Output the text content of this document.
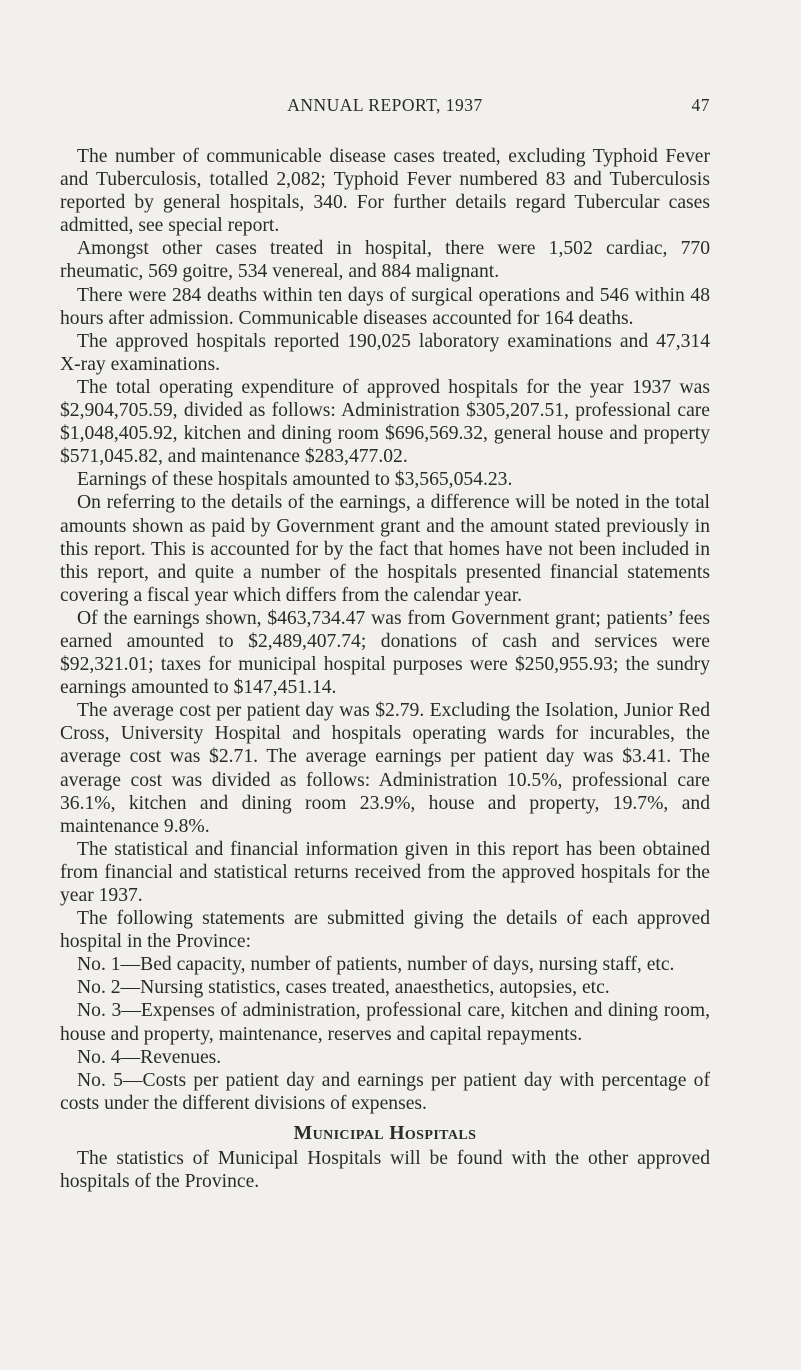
ANNUAL REPORT, 1937	47

The number of communicable disease cases treated, excluding Typhoid Fever and Tuberculosis, totalled 2,082; Typhoid Fever numbered 83 and Tuberculosis reported by general hospitals, 340. For further details regard Tubercular cases admitted, see special report.

Amongst other cases treated in hospital, there were 1,502 cardiac, 770 rheumatic, 569 goitre, 534 venereal, and 884 malignant.

There were 284 deaths within ten days of surgical operations and 546 within 48 hours after admission. Communicable diseases accounted for 164 deaths.

The approved hospitals reported 190,025 laboratory examinations and 47,314 X-ray examinations.

The total operating expenditure of approved hospitals for the year 1937 was $2,904,705.59, divided as follows: Administration $305,207.51, professional care $1,048,405.92, kitchen and dining room $696,569.32, general house and property $571,045.82, and maintenance $283,477.02.

Earnings of these hospitals amounted to $3,565,054.23.

On referring to the details of the earnings, a difference will be noted in the total amounts shown as paid by Government grant and the amount stated previously in this report. This is accounted for by the fact that homes have not been included in this report, and quite a number of the hospitals presented financial statements covering a fiscal year which differs from the calendar year.

Of the earnings shown, $463,734.47 was from Government grant; patients’ fees earned amounted to $2,489,407.74; donations of cash and services were $92,321.01; taxes for municipal hospital purposes were $250,955.93; the sundry earnings amounted to $147,451.14.

The average cost per patient day was $2.79. Excluding the Isolation, Junior Red Cross, University Hospital and hospitals operating wards for incurables, the average cost was $2.71. The average earnings per patient day was $3.41. The average cost was divided as follows: Administration 10.5%, professional care 36.1%, kitchen and dining room 23.9%, house and property, 19.7%, and maintenance 9.8%.

The statistical and financial information given in this report has been obtained from financial and statistical returns received from the approved hospitals for the year 1937.

The following statements are submitted giving the details of each approved hospital in the Province:

No. 1—Bed capacity, number of patients, number of days, nursing staff, etc.

No. 2—Nursing statistics, cases treated, anaesthetics, autopsies, etc.

No. 3—Expenses of administration, professional care, kitchen and dining room, house and property, maintenance, reserves and capital repayments.

No. 4—Revenues.

No. 5—Costs per patient day and earnings per patient day with percentage of costs under the different divisions of expenses.

Municipal Hospitals

The statistics of Municipal Hospitals will be found with the other approved hospitals of the Province.
